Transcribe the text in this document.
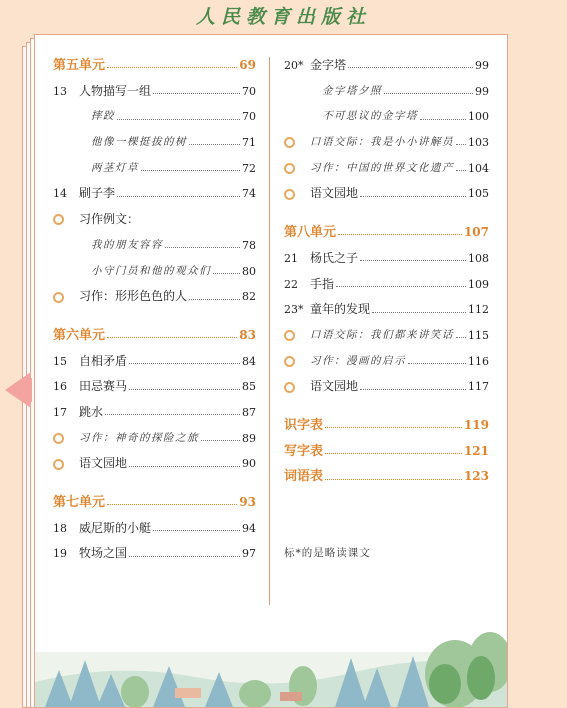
人民教育出版社
第五单元	69
13	人物描写一组	70
摔跤	70
他像一棵挺拔的树	71
两茎灯草	72
14	刷子李	74
习作例文：
我的朋友容容	78
小守门员和他的观众们	80
习作：形形色色的人	82
第六单元	83
15	自相矛盾	84
16	田忌赛马	85
17	跳水	87
习作：神奇的探险之旅	89
语文园地	90
第七单元	93
18	威尼斯的小艇	94
19	牧场之国	97
20* 金字塔	99
金字塔夕照	99
不可思议的金字塔	100
口语交际：我是小小讲解员 103
习作：中国的世界文化遗产 104
语文园地	105
第八单元	107
21	杨氏之子	108
22	手指	109
23* 童年的发现	112
口语交际：我们都来讲笑话 115
习作：漫画的启示	116
语文园地	117
识字表	119
写字表	121
词语表	123
标*的是略读课文
